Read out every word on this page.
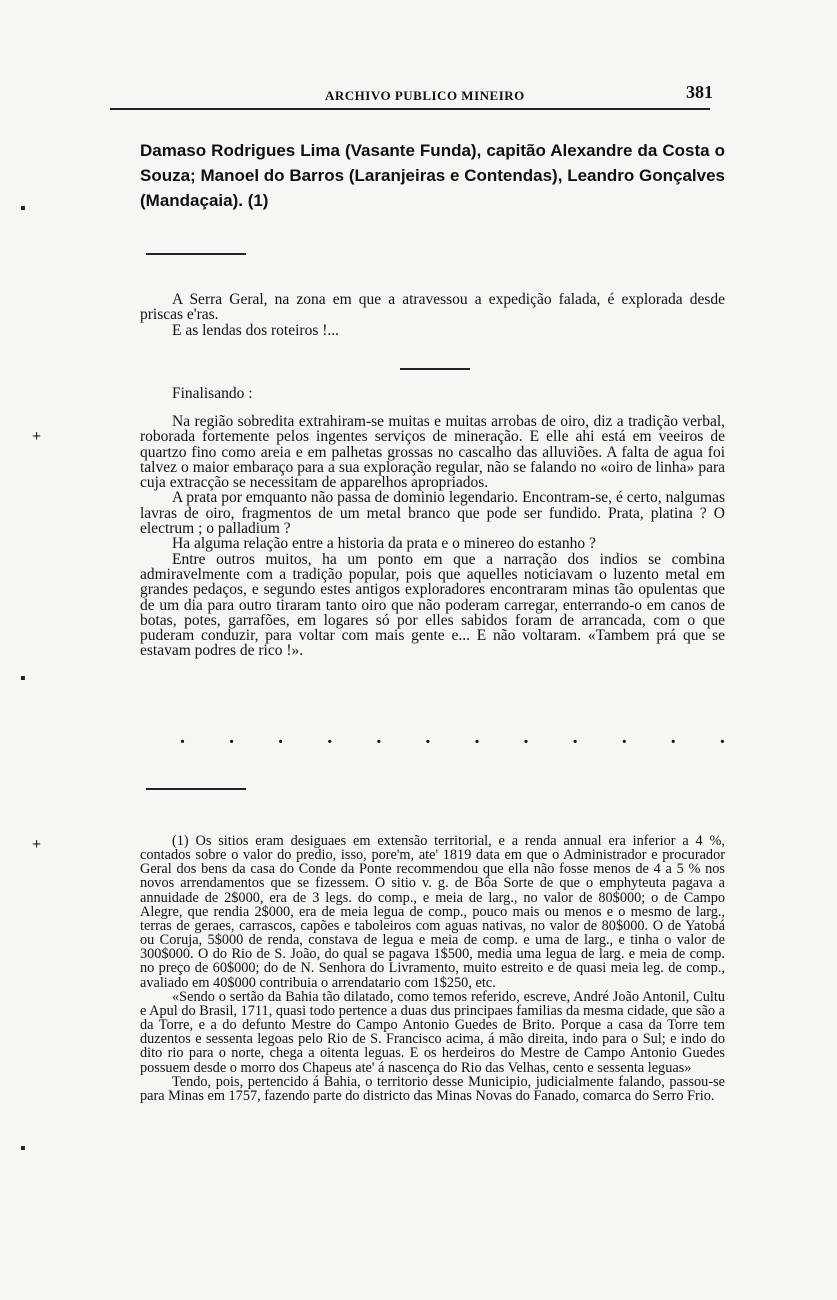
ARCHIVO PUBLICO MINEIRO	381
Damaso Rodrigues Lima (Vasante Funda), capitão Alexandre da Costa o Souza; Manoel do Barros (Laranjeiras e Contendas), Leandro Gonçalves (Mandaçaia). (1)

A Serra Geral, na zona em que a atravessou a expedição falada, é explorada desde priscas e'ras.

E as lendas dos roteiros !...

Finalisando :

Na região sobredita extrahiram-se muitas e muitas arrobas de oiro, diz a tradição verbal, roborada fortemente pelos ingentes serviços de mineração. E elle ahi está em veeiros de quartzo fino como areia e em palhetas grossas no cascalho das alluviões. A falta de agua foi talvez o maior embaraço para a sua exploração regular, não se falando no «oiro de linha» para cuja extracção se necessitam de apparelhos apropriados.

A prata por emquanto não passa de dominio legendario. Encontram-se, é certo, nalgumas lavras de oiro, fragmentos de um metal branco que pode ser fundido. Prata, platina ? O electrum ; o palladium ?

Ha alguma relação entre a historia da prata e o minereo do estanho ?

Entre outros muitos, ha um ponto em que a narração dos indios se combina admiravelmente com a tradição popular, pois que aquelles noticiavam o luzento metal em grandes pedaços, e segundo estes antigos exploradores encontraram minas tão opulentas que de um dia para outro tiraram tanto oiro que não poderam carregar, enterrando-o em canos de botas, potes, garrafões, em logares só por elles sabidos foram de arrancada, com o que puderam conduzir, para voltar com mais gente e... E não voltaram. «Tambem prá que se estavam podres de rico !».

. . . . . . . . . . . .

(1) Os sitios eram desiguaes em extensão territorial, e a renda annual era inferior a 4 %, contados sobre o valor do predio, isso, pore'm, ate' 1819 data em que o Administrador e procurador Geral dos bens da casa do Conde da Ponte recommendou que ella não fosse menos de 4 a 5 % nos novos arrendamentos que se fizessem. O sitio v. g. de Bôa Sorte de que o emphyteuta pagava a annuidade de 2$000, era de 3 legs. do comp., e meia de larg., no valor de 80$000; o de Campo Alegre, que rendia 2$000, era de meia legua de comp., pouco mais ou menos e o mesmo de larg., terras de geraes, carrascos, capões e taboleiros com aguas nativas, no valor de 80$000. O de Yatobá ou Coruja, 5$000 de renda, constava de legua e meia de comp. e uma de larg., e tinha o valor de 300$000. O do Rio de S. João, do qual se pagava 1$500, media uma legua de larg. e meia de comp. no preço de 60$000; do de N. Senhora do Livramento, muito estreito e de quasi meia leg. de comp., avaliado em 40$000 contribuia o arrendatario com 1$250, etc.

«Sendo o sertão da Bahia tão dilatado, como temos referido, escreve, André João Antonil, Cultu e Apul do Brasil, 1711, quasi todo pertence a duas dus principaes familias da mesma cidade, que são a da Torre, e a do defunto Mestre do Campo Antonio Guedes de Brito. Porque a casa da Torre tem duzentos e sessenta legoas pelo Rio de S. Francisco acima, á mão direita, indo para o Sul; e indo do dito rio para o norte, chega a oitenta leguas. E os herdeiros do Mestre de Campo Antonio Guedes possuem desde o morro dos Chapeus ate' á nascença do Rio das Velhas, cento e sessenta leguas»

Tendo, pois, pertencido á Bahia, o territorio desse Municipio, judicialmente falando, passou-se para Minas em 1757, fazendo parte do districto das Minas Novas do Fanado, comarca do Serro Frio.

▪
+
+
▪
▪
